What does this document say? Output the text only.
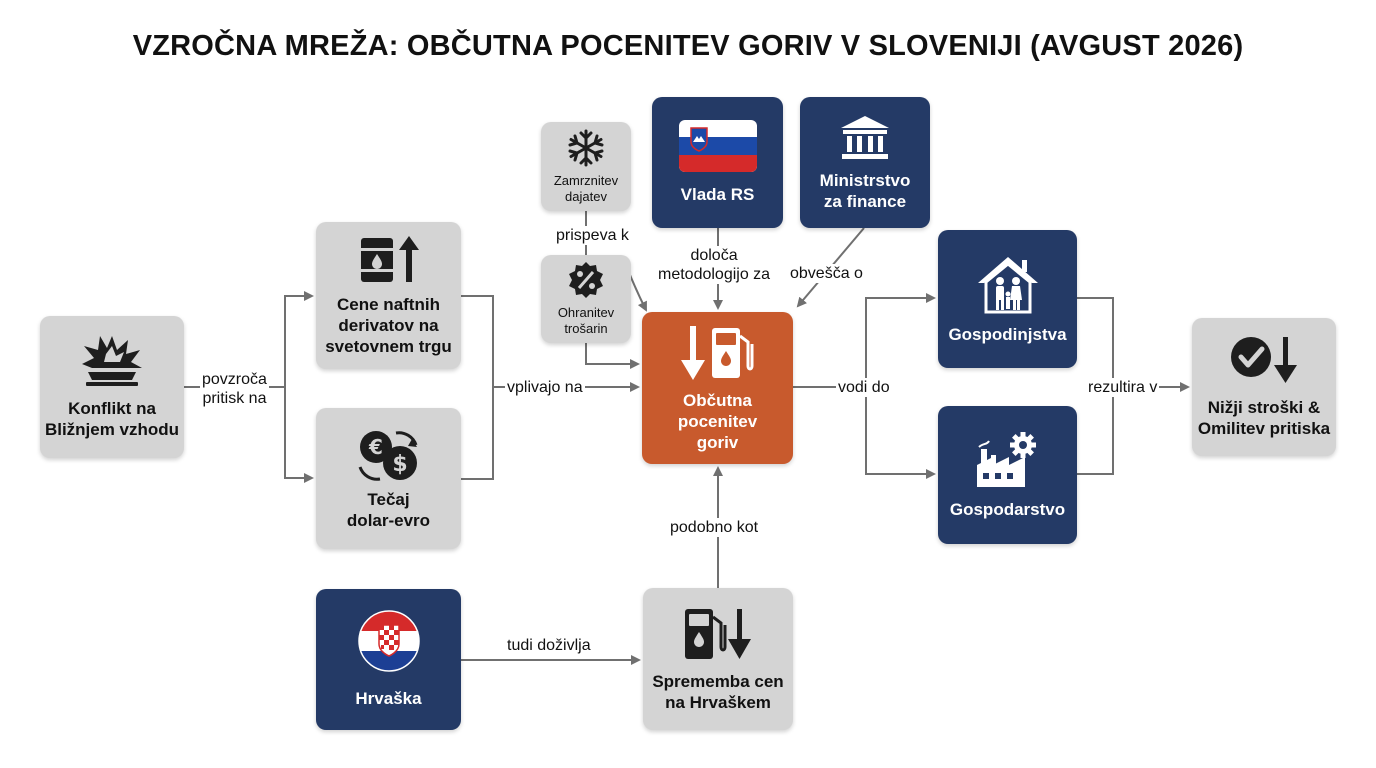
VZROČNA MREŽA: OBČUTNA POCENITEV GORIV V SLOVENIJI (AVGUST 2026)
povzroča
pritisk na
vplivajo na
prispeva k
določa
metodologijo za obvešča o
vodi do	rezultira v
podobno kot
tudi doživlja
Konflikt na
Bližnjem vzhodu
Cene naftnih
derivatov na
svetovnem trgu
€
$
Tečaj
dolar-evro
Zamrznitev
dajatev
Ohranitev
trošarin
Vlada RS
Ministrstvo
za finance
Občutna
pocenitev
goriv
Gospodinjstva
Gospodarstvo
Nižji stroški &
Omilitev pritiska
Hrvaška
Sprememba cen
na Hrvaškem
